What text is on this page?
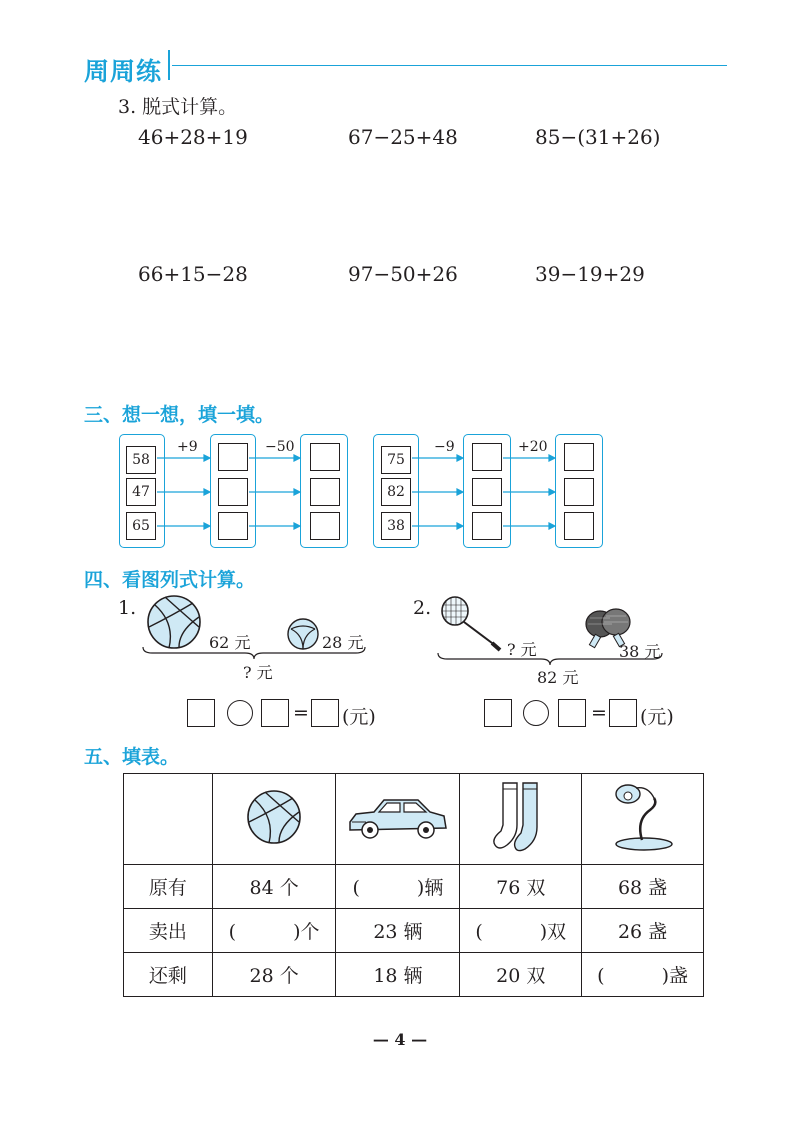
周周练
3. 脱式计算。
46+28+19	67−25+48	85−(31+26)
66+15−28	97−50+26	39−19+29
三、想一想，填一填。
58
47
65
+9	−50
75
82
38
−9	+20
四、看图列式计算。
1.
62 元	28 元
? 元
2.
? 元	38 元
82 元
= (元)	= (元)
五、填表。

原有	84 个	(　　　)辆	76 双	68 盏
卖出	(　　　)个	23 辆	(　　　)双	26 盏
还剩	28 个	18 辆	20 双	(　　　)盏
— 4 —
